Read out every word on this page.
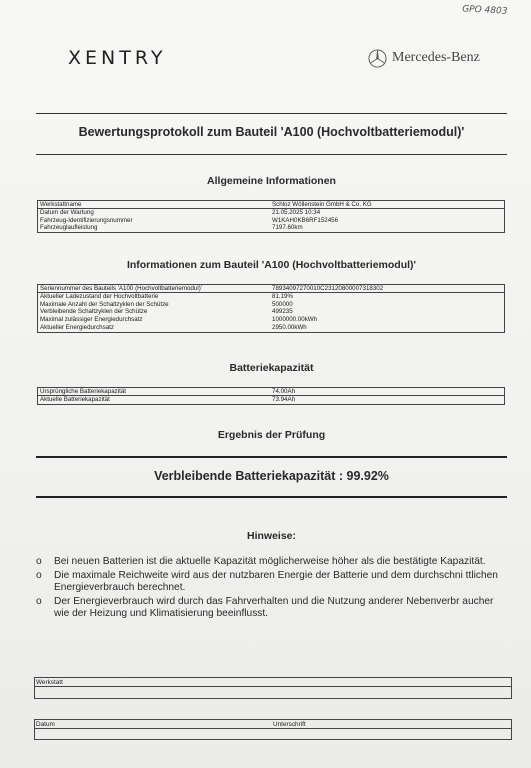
GPO 4803
XENTRY	Mercedes-Benz
Bewertungsprotokoll zum Bauteil 'A100 (Hochvoltbatteriemodul)'
Allgemeine Informationen
Werkstattname	Schloz Wöllenstein GmbH & Co. KG
Datum der Wartung	21.05.2025 10:34
Fahrzeug-Identifizierungsnummer	W1KAH0KB6RF152456
Fahrzeuglaufleistung	7197.60km
Informationen zum Bauteil 'A100 (Hochvoltbatteriemodul)'
Seriennummer des Bauteils 'A100 (Hochvoltbatteriemodul)'	78934097270010C23120800007318302
Aktueller Ladezustand der Hochvoltbatterie	81.19%
Maximale Anzahl der Schaltzyklen der Schütze	500000
Verbleibende Schaltzyklen der Schütze	499235
Maximal zulässiger Energiedurchsatz	1000000.00kWh
Aktueller Energiedurchsatz	2950.00kWh
Batteriekapazität
Ursprüngliche Batteriekapazität	74.00Ah
Aktuelle Batteriekapazität	73.94Ah
Ergebnis der Prüfung
Verbleibende Batteriekapazität : 99.92%
Hinweise:
o Bei neuen Batterien ist die aktuelle Kapazität möglicherweise höher als die bestätigte Kapazität.
o Die maximale Reichweite wird aus der nutzbaren Energie der Batterie und dem durchschni ttlichen Energieverbrauch berechnet.
o Der Energieverbrauch wird durch das Fahrverhalten und die Nutzung anderer Nebenverbr aucher wie der Heizung und Klimatisierung beeinflusst.
Werkstatt
Datum	Unterschrift
